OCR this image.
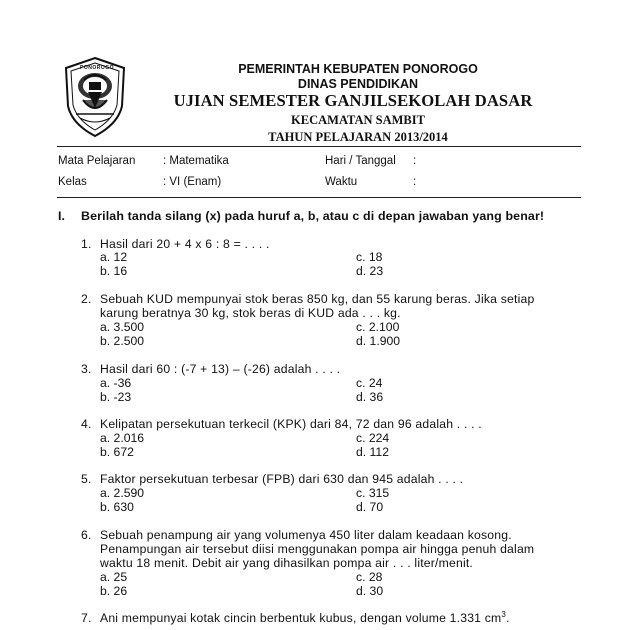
PONOROGO	PEMERINTAH KEBUPATEN PONOROGO
DINAS PENDIDIKAN
UJIAN SEMESTER GANJILSEKOLAH DASAR
KECAMATAN SAMBIT
TAHUN PELAJARAN 2013/2014
Mata Pelajaran : Matematika	Hari / Tanggal :
Kelas	: VI (Enam)	Waktu	:
I. Berilah tanda silang (x) pada huruf a, b, atau c di depan jawaban yang benar!
1. Hasil dari 20 + 4 x 6 : 8 = . . . .
a. 12	c. 18
b. 16	d. 23
2. Sebuah KUD mempunyai stok beras 850 kg, dan 55 karung beras. Jika setiap
karung beratnya 30 kg, stok beras di KUD ada . . . kg.
a. 3.500	c. 2.100
b. 2.500	d. 1.900
3. Hasil dari 60 : (-7 + 13) – (-26) adalah . . . .
a. -36	c. 24
b. -23	d. 36
4. Kelipatan persekutuan terkecil (KPK) dari 84, 72 dan 96 adalah . . . .
a. 2.016	c. 224
b. 672	d. 112
5. Faktor persekutuan terbesar (FPB) dari 630 dan 945 adalah . . . .
a. 2.590	c. 315
b. 630	d. 70
6. Sebuah penampung air yang volumenya 450 liter dalam keadaan kosong.
Penampungan air tersebut diisi menggunakan pompa air hingga penuh dalam
waktu 18 menit. Debit air yang dihasilkan pompa air . . . liter/menit.
a. 25	c. 28
b. 26	d. 30
7. Ani mempunyai kotak cincin berbentuk kubus, dengan volume 1.331 $cm^3$.
